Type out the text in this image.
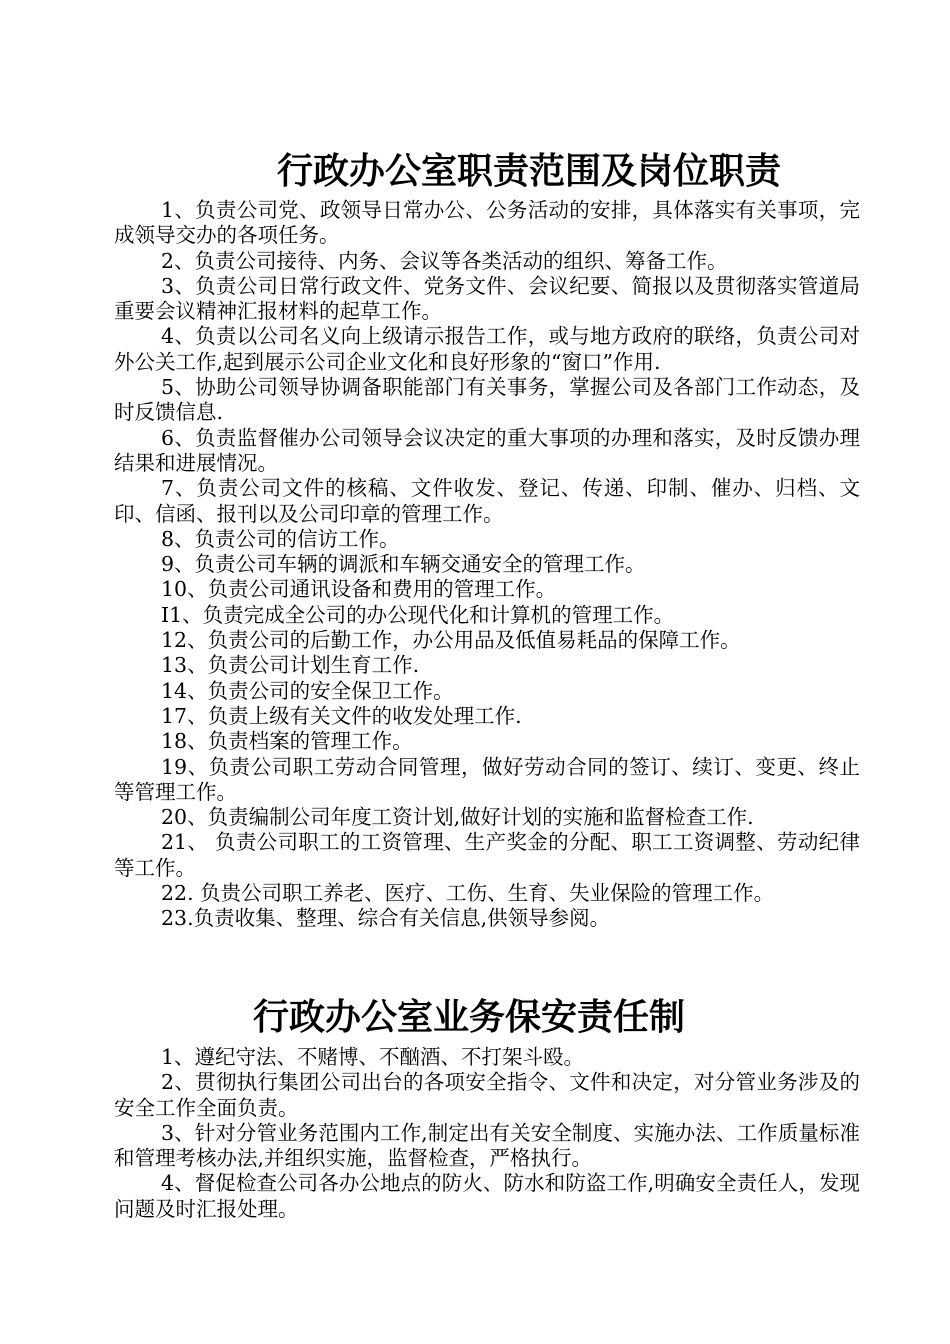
行政办公室职责范围及岗位职责

1、负责公司党、政领导日常办公、公务活动的安排，具体落实有关事项，完成领导交办的各项任务。

2、负责公司接待、内务、会议等各类活动的组织、筹备工作。

3、负责公司日常行政文件、党务文件、会议纪要、简报以及贯彻落实管道局重要会议精神汇报材料的起草工作。

4、负责以公司名义向上级请示报告工作，或与地方政府的联络，负责公司对外公关工作,起到展示公司企业文化和良好形象的“窗口”作用.

5、协助公司领导协调备职能部门有关事务，掌握公司及各部门工作动态，及时反馈信息.

6、负责监督催办公司领导会议决定的重大事项的办理和落实，及时反馈办理结果和进展情况。

7、负责公司文件的核稿、文件收发、登记、传递、印制、催办、归档、文印、信函、报刊以及公司印章的管理工作。

8、负责公司的信访工作。

9、负责公司车辆的调派和车辆交通安全的管理工作。

10、负责公司通讯设备和费用的管理工作。

I1、负责完成全公司的办公现代化和计算机的管理工作。

12、负责公司的后勤工作，办公用品及低值易耗品的保障工作。

13、负责公司计划生育工作.

14、负责公司的安全保卫工作。

17、负责上级有关文件的收发处理工作.

18、负责档案的管理工作。

19、负责公司职工劳动合同管理，做好劳动合同的签订、续订、变更、终止等管理工作。

20、负责编制公司年度工资计划,做好计划的实施和监督检查工作.

21、 负责公司职工的工资管理、生产奖金的分配、职工工资调整、劳动纪律等工作。

22. 负贵公司职工养老、医疗、工伤、生育、失业保险的管理工作。

23.负责收集、整理、综合有关信息,供领导参阅。

行政办公室业务保安责任制

1、遵纪守法、不赌博、不酗酒、不打架斗殴。

2、贯彻执行集团公司出台的各项安全指令、文件和决定，对分管业务涉及的安全工作全面负责。

3、针对分管业务范围内工作,制定出有关安全制度、实施办法、工作质量标准和管理考核办法,并组织实施，监督检查，严格执行。

4、督促检查公司各办公地点的防火、防水和防盗工作,明确安全责任人，发现问题及时汇报处理。
